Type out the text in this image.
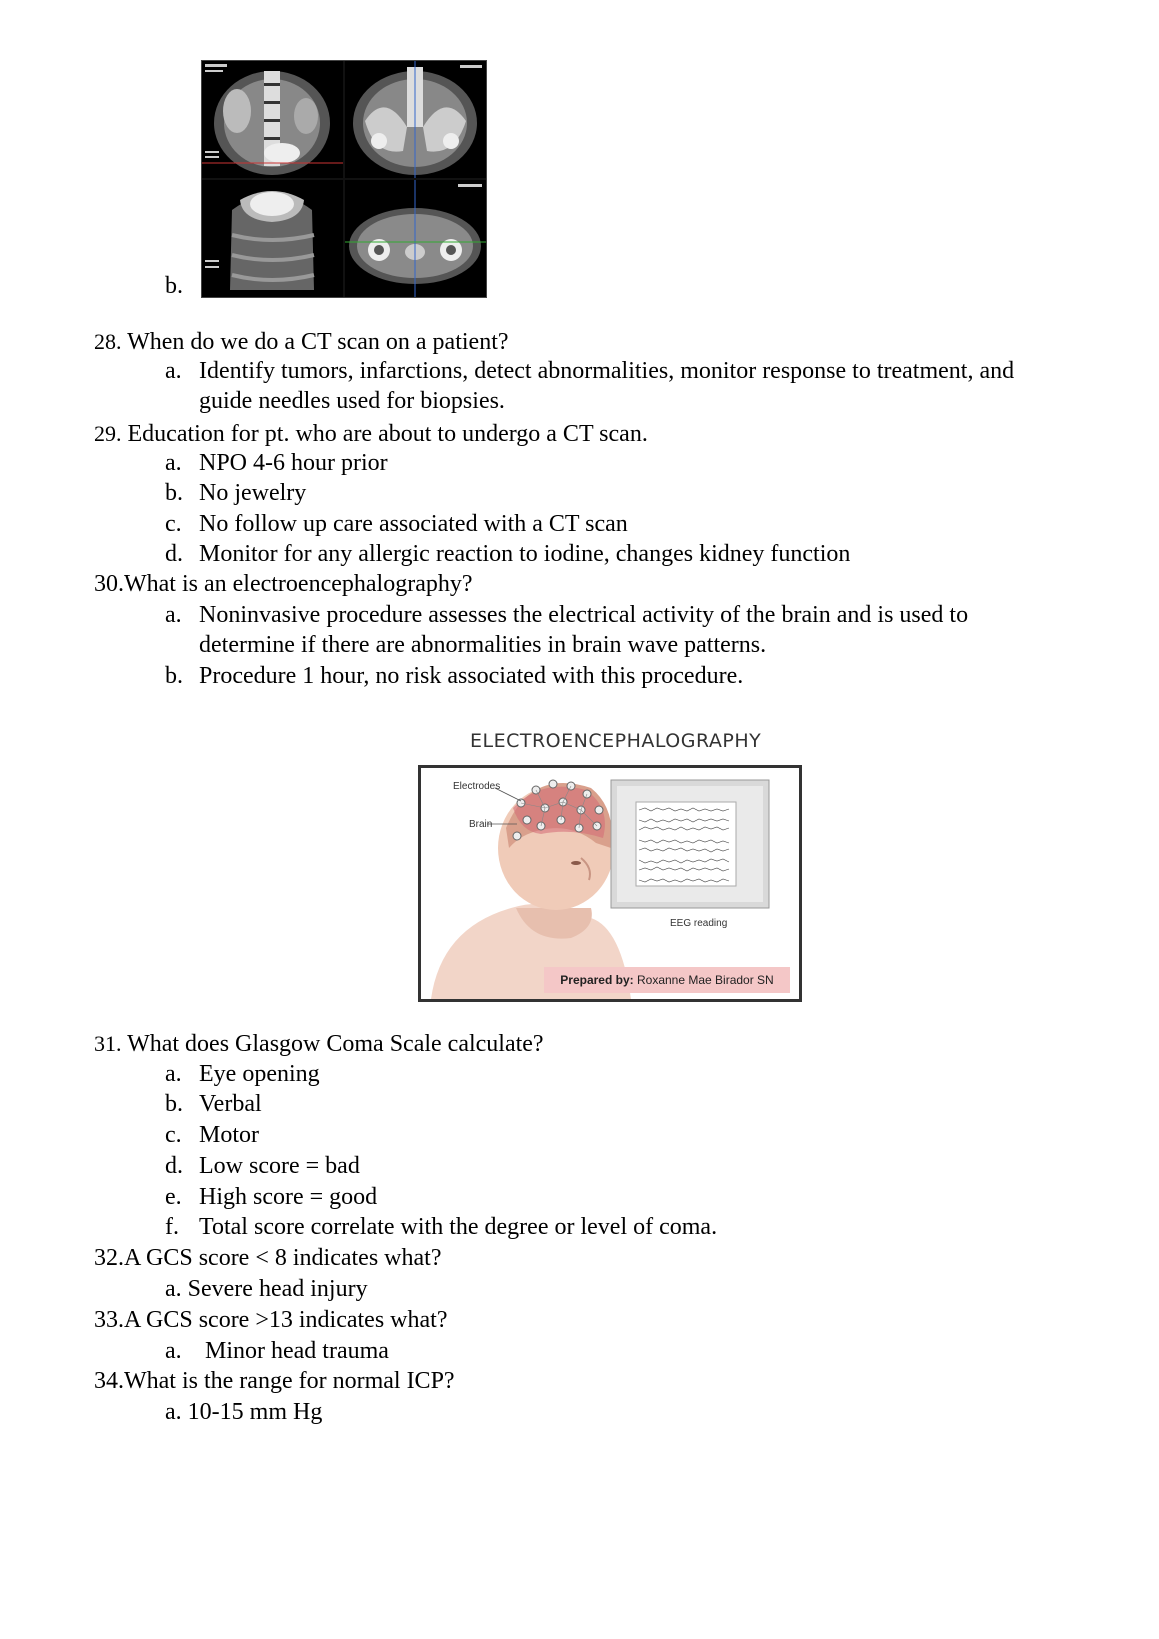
b.
28. When do we do a CT scan on a patient?
a. Identify tumors, infarctions, detect abnormalities, monitor response to treatment, and
guide needles used for biopsies.
29. Education for pt. who are about to undergo a CT scan.
a. NPO 4-6 hour prior
b. No jewelry
c. No follow up care associated with a CT scan
d. Monitor for any allergic reaction to iodine, changes kidney function
30.What is an electroencephalography?
a. Noninvasive procedure assesses the electrical activity of the brain and is used to
determine if there are abnormalities in brain wave patterns.
b. Procedure 1 hour, no risk associated with this procedure.
ELECTROENCEPHALOGRAPHY
Electrodes
Brain
EEG reading
Prepared by: Roxanne Mae Birador SN
31. What does Glasgow Coma Scale calculate?
a. Eye opening
b. Verbal
c. Motor
d. Low score = bad
e. High score = good
f. Total score correlate with the degree or level of coma.
32.A GCS score < 8 indicates what?
a. Severe head injury
33.A GCS score >13 indicates what?
a. Minor head trauma
34.What is the range for normal ICP?
a. 10-15 mm Hg
